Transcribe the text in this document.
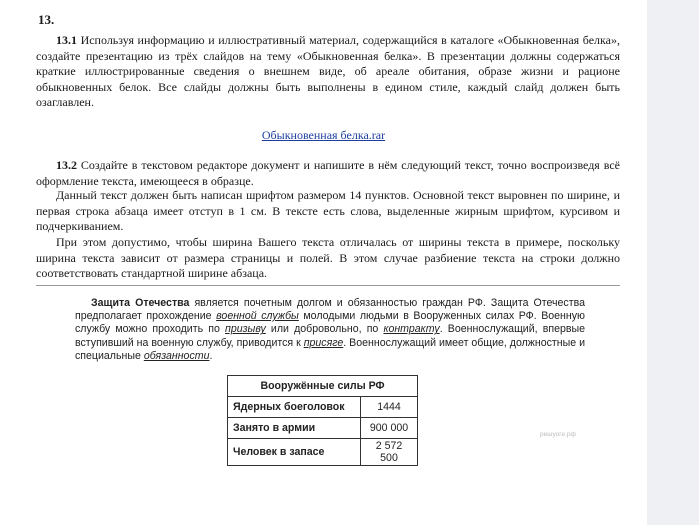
13.

13.1 Используя информацию и иллюстративный материал, содержащийся в каталоге «Обыкновенная белка», создайте презентацию из трёх слайдов на тему «Обыкновенная белка». В презентации должны содержаться краткие иллюстрированные сведения о внешнем виде, об ареале обитания, образе жизни и рационе обыкновенных белок. Все слайды должны быть выполнены в едином стиле, каждый слайд должен быть озаглавлен.

Обыкновенная белка.rar

13.2 Создайте в текстовом редакторе документ и напишите в нём следующий текст, точно воспроизведя всё оформление текста, имеющееся в образце.

Данный текст должен быть написан шрифтом размером 14 пунктов. Основной текст выровнен по ширине, и первая строка абзаца имеет отступ в 1 см. В тексте есть слова, выделенные жирным шрифтом, курсивом и подчеркиванием.

При этом допустимо, чтобы ширина Вашего текста отличалась от ширины текста в примере, поскольку ширина текста зависит от размера страницы и полей. В этом случае разбиение текста на строки должно соответствовать стандартной ширине абзаца.

Защита Отечества является почетным долгом и обязанностью граждан РФ. Защита Отечества предполагает прохождение военной службы молодыми людьми в Вооруженных силах РФ. Военную службу можно проходить по призыву или добровольно, по контракту. Военнослужащий, впервые вступивший на военную службу, приводится к присяге. Военнослужащий имеет общие, должностные и специальные обязанности.

Вооружённые силы РФ	
Ядерных боеголовок	1444
Занято в армии	900 000
Человек в запасе	2 572 500
решуоге.рф
